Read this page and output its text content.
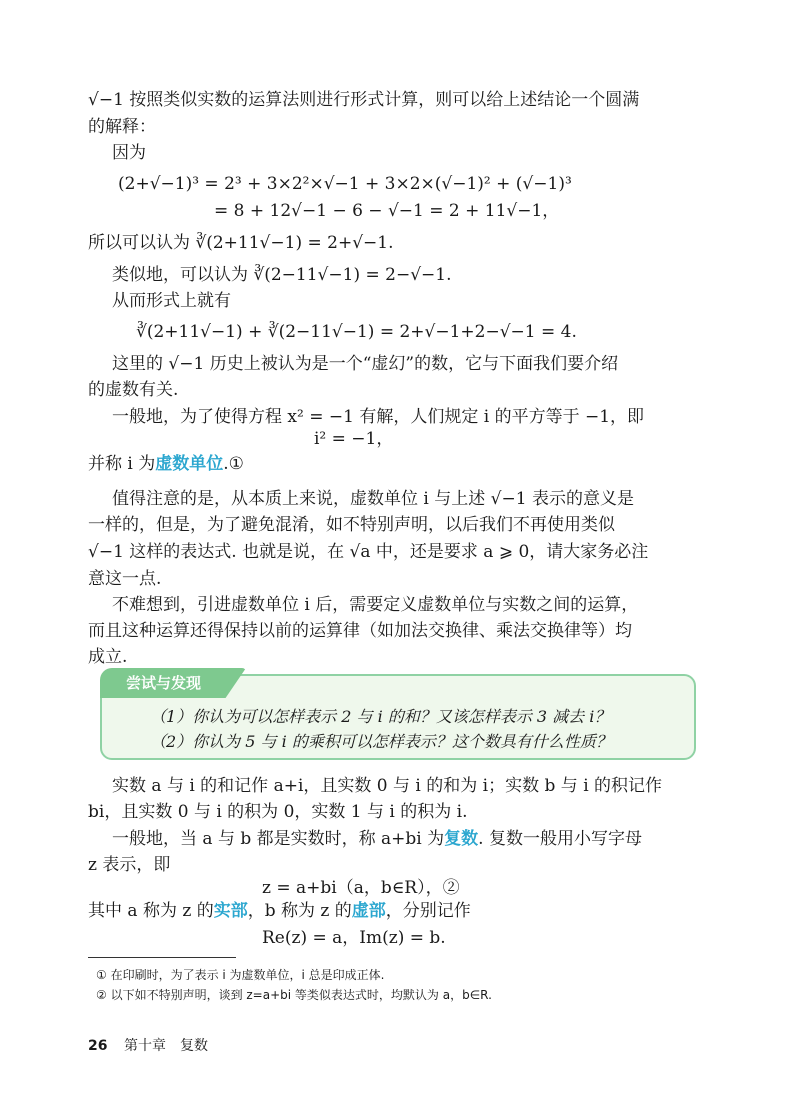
√−1 按照类似实数的运算法则进行形式计算，则可以给上述结论一个圆满
的解释：
因为
(2+√−1)³ = 2³ + 3×2²×√−1 + 3×2×(√−1)² + (√−1)³
= 8 + 12√−1 − 6 − √−1 = 2 + 11√−1，
所以可以认为 ∛(2+11√−1) = 2+√−1.
类似地，可以认为 ∛(2−11√−1) = 2−√−1.
从而形式上就有
∛(2+11√−1) + ∛(2−11√−1) = 2+√−1+2−√−1 = 4.
这里的 √−1 历史上被认为是一个“虚幻”的数，它与下面我们要介绍
的虚数有关.
一般地，为了使得方程 x² = −1 有解，人们规定 i 的平方等于 −1，即
i² = −1，
并称 i 为虚数单位.①
值得注意的是，从本质上来说，虚数单位 i 与上述 √−1 表示的意义是
一样的，但是，为了避免混淆，如不特别声明，以后我们不再使用类似
√−1 这样的表达式. 也就是说，在 √a 中，还是要求 a ⩾ 0，请大家务必注
意这一点.
不难想到，引进虚数单位 i 后，需要定义虚数单位与实数之间的运算，
而且这种运算还得保持以前的运算律（如加法交换律、乘法交换律等）均
成立.
尝试与发现
（1）你认为可以怎样表示 2 与 i 的和？又该怎样表示 3 减去 i？
（2）你认为 5 与 i 的乘积可以怎样表示？这个数具有什么性质？
实数 a 与 i 的和记作 a+i，且实数 0 与 i 的和为 i；实数 b 与 i 的积记作
bi，且实数 0 与 i 的积为 0，实数 1 与 i 的积为 i.
一般地，当 a 与 b 都是实数时，称 a+bi 为复数. 复数一般用小写字母
z 表示，即
z = a+bi（a，b∈R），②
其中 a 称为 z 的实部，b 称为 z 的虚部，分别记作
Re(z) = a，Im(z) = b.
① 在印刷时，为了表示 i 为虚数单位，i 总是印成正体.
② 以下如不特别声明，谈到 z=a+bi 等类似表达式时，均默认为 a，b∈R.
26 第十章　复数
